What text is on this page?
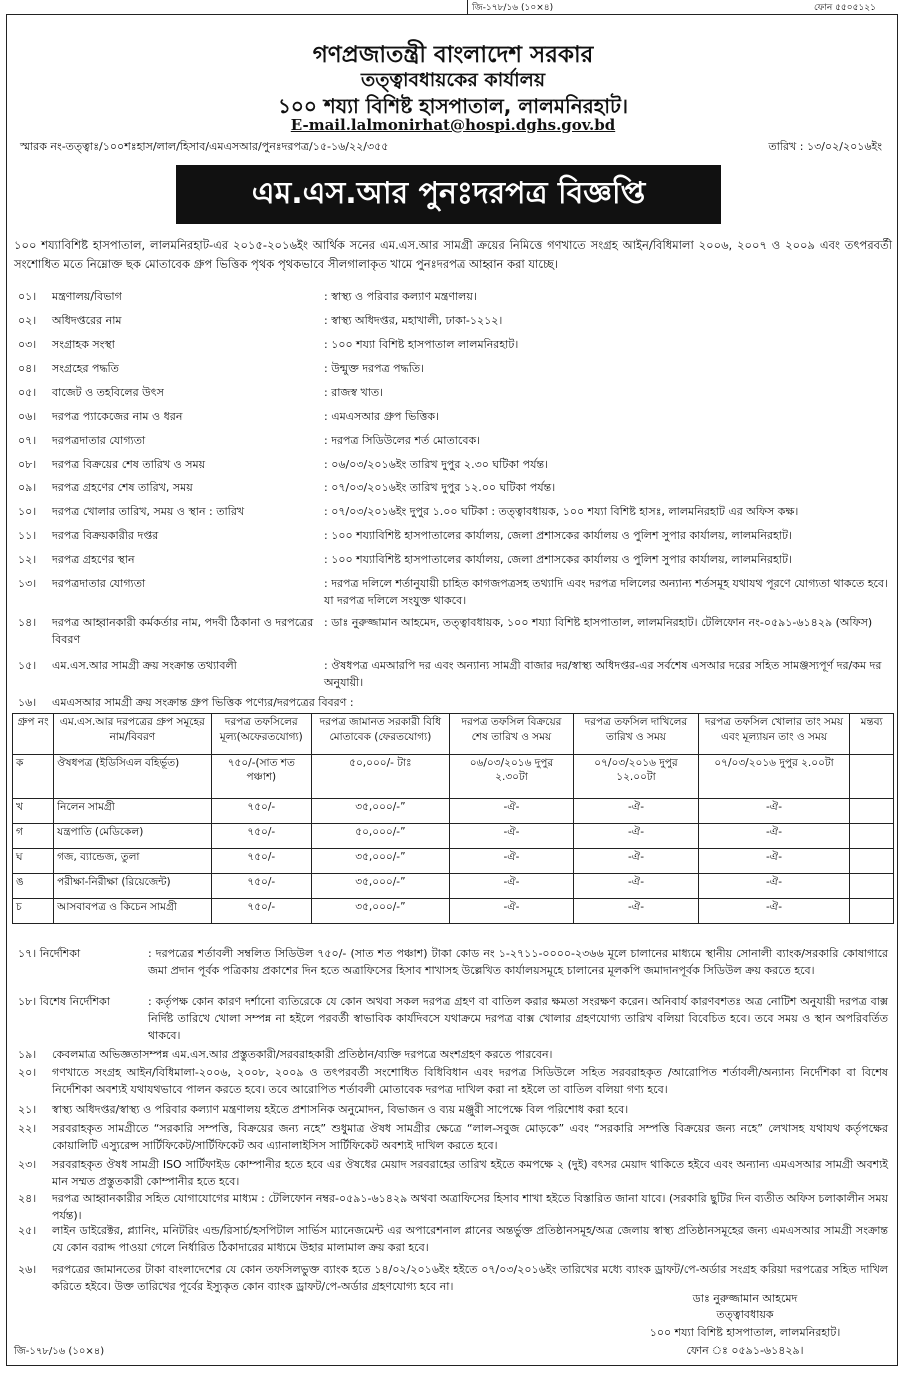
জি-১৭৮/১৬ (১০×৪)	ফোন ৫৫০৫১২১
গণপ্রজাতন্ত্রী বাংলাদেশ সরকার
তত্ত্বাবধায়কের কার্যালয়
১০০ শয্যা বিশিষ্ট হাসপাতাল, লালমনিরহাট।
E-mail.lalmonirhat@hospi.dghs.gov.bd
স্মারক নং-তত্ত্বাঃ/১০০শঃহাস/লাল/হিসাব/এমএসআর/পুনঃদরপত্র/১৫-১৬/২২/৩৫৫	তারিখ : ১৩/০২/২০১৬ইং
এম.এস.আর পুনঃদরপত্র বিজ্ঞপ্তি
১০০ শয্যাবিশিষ্ট হাসপাতাল, লালমনিরহাট-এর ২০১৫-২০১৬ইং আর্থিক সনের এম.এস.আর সামগ্রী ক্রয়ের নিমিত্তে গণখাতে সংগ্রহ আইন/বিধিমালা ২০০৬, ২০০৭ ও ২০০৯ এবং তৎপরবর্তী সংশোধিত মতে নিম্নোক্ত ছক মোতাবেক গ্রুপ ভিত্তিক পৃথক পৃথকভাবে সীলগালাকৃত খামে পুনঃদরপত্র আহ্বান করা যাচ্ছে।
০১।	মন্ত্রণালয়/বিভাগ	: স্বাস্থ্য ও পরিবার কল্যাণ মন্ত্রণালয়।
০২।	অধিদপ্তরের নাম	: স্বাস্থ্য অধিদপ্তর, মহাখালী, ঢাকা-১২১২।
০৩।	সংগ্রাহক সংস্থা	: ১০০ শয্যা বিশিষ্ট হাসপাতাল লালমনিরহাট।
০৪।	সংগ্রহের পদ্ধতি	: উন্মুক্ত দরপত্র পদ্ধতি।
০৫।	বাজেট ও তহবিলের উৎস	: রাজস্ব খাত।
০৬।	দরপত্র প্যাকেজের নাম ও ধরন	: এমএসআর গ্রুপ ভিত্তিক।
০৭।	দরপত্রদাতার যোগ্যতা	: দরপত্র সিডিউলের শর্ত মোতাবেক।
০৮।	দরপত্র বিক্রয়ের শেষ তারিখ ও সময়	: ০৬/০৩/২০১৬ইং তারিখ দুপুর ২.৩০ ঘটিকা পর্যন্ত।
০৯।	দরপত্র গ্রহণের শেষ তারিখ, সময়	: ০৭/০৩/২০১৬ইং তারিখ দুপুর ১২.০০ ঘটিকা পর্যন্ত।
১০।	দরপত্র খোলার তারিখ, সময় ও স্থান : তারিখ	: ০৭/০৩/২০১৬ইং দুপুর ১.০০ ঘটিকা : তত্ত্বাবধায়ক, ১০০ শয্যা বিশিষ্ট হাসঃ, লালমনিরহাট এর অফিস কক্ষ।
১১।	দরপত্র বিক্রয়কারীর দপ্তর	: ১০০ শয্যাবিশিষ্ট হাসপাতালের কার্যালয়, জেলা প্রশাসকের কার্যালয় ও পুলিশ সুপার কার্যালয়, লালমনিরহাট।
১২।	দরপত্র গ্রহণের স্থান	: ১০০ শয্যাবিশিষ্ট হাসপাতালের কার্যালয়, জেলা প্রশাসকের কার্যালয় ও পুলিশ সুপার কার্যালয়, লালমনিরহাট।
১৩।	দরপত্রদাতার যোগ্যতা	: দরপত্র দলিলে শর্তানুযায়ী চাহিত কাগজপত্রসহ তথ্যাদি এবং দরপত্র দলিলের অন্যান্য শর্তসমূহ যথাযথ পূরণে যোগ্যতা থাকতে হবে। যা দরপত্র দলিলে সংযুক্ত থাকবে।
১৪।	দরপত্র আহ্বানকারী কর্মকর্তার নাম, পদবী ঠিকানা ও দরপত্রের বিবরণ
: ডাঃ নুরুজ্জামান আহমেদ, তত্ত্বাবধায়ক, ১০০ শয্যা বিশিষ্ট হাসপাতাল, লালমনিরহাট। টেলিফোন নং-০৫৯১-৬১৪২৯ (অফিস)
১৫।	এম.এস.আর সামগ্রী ক্রয় সংক্রান্ত তথ্যাবলী	: ঔষধপত্র এমআরপি দর এবং অন্যান্য সামগ্রী বাজার দর/স্বাস্থ্য অধিদপ্তর-এর সর্বশেষ এসআর দরের সহিত সামঞ্জস্যপূর্ণ দর/কম দর অনুযায়ী।
১৬।	এমএসআর সামগ্রী ক্রয় সংক্রান্ত গ্রুপ ভিত্তিক পণ্যের/দরপত্রের বিবরণ :
গ্রুপ নং	এম.এস.আর দরপত্রের গ্রুপ সমূহের নাম/বিবরণ	দরপত্র তফসিলের মূল্য(অফেরতযোগ্য)	দরপত্র জামানত সরকারী বিধি মোতাবেক (ফেরতযোগ্য)	দরপত্র তফসিল বিক্রয়ের শেষ তারিখ ও সময়	দরপত্র তফসিল দাখিলের তারিখ ও সময়	দরপত্র তফসিল খোলার তাং সময় এবং মূল্যায়ন তাং ও সময়	মন্তব্য
ক	ঔষধপত্র (ইডিসিএল বহির্ভূত)	৭৫০/-(সাত শত পঞ্চাশ)	৫০,০০০/- টাঃ	০৬/০৩/২০১৬ দুপুর ২.৩০টা	০৭/০৩/২০১৬ দুপুর ১২.০০টা	০৭/০৩/২০১৬ দুপুর ২.০০টা	
খ	নিলেন সামগ্রী	৭৫০/-	৩৫,০০০/-”	-ঐ-	-ঐ-	-ঐ-	
গ	যন্ত্রপাতি (মেডিকেল)	৭৫০/-	৫০,০০০/-”	-ঐ-	-ঐ-	-ঐ-	
ঘ	গজ, ব্যান্ডেজ, তুলা	৭৫০/-	৩৫,০০০/-”	-ঐ-	-ঐ-	-ঐ-	
ঙ	পরীক্ষা-নিরীক্ষা (রিয়েজেন্ট)	৭৫০/-	৩৫,০০০/-”	-ঐ-	-ঐ-	-ঐ-	
চ	আসবাবপত্র ও কিচেন সামগ্রী	৭৫০/-	৩৫,০০০/-”	-ঐ-	-ঐ-	-ঐ-	
১৭। নির্দেশিকা	: দরপত্রের শর্তাবলী সম্বলিত সিডিউল ৭৫০/- (সাত শত পঞ্চাশ) টাকা কোড নং ১-২৭১১-০০০০-২৩৬৬ মূলে চালানের মাধ্যমে স্থানীয় সোনালী ব্যাংক/সরকারি কোষাগারে জমা প্রদান পূর্বক পত্রিকায় প্রকাশের দিন হতে অত্রাফিসের হিসাব শাখাসহ উল্লেখিত কার্যালয়সমূহে চালানের মূলকপি জমাদানপূর্বক সিডিউল ক্রয় করতে হবে।
১৮। বিশেষ নির্দেশিকা	: কর্তৃপক্ষ কোন কারণ দর্শানো ব্যতিরেকে যে কোন অথবা সকল দরপত্র গ্রহণ বা বাতিল করার ক্ষমতা সংরক্ষণ করেন। অনিবার্য কারণবশতঃ অত্র নোটিশ অনুযায়ী দরপত্র বাক্স নির্দিষ্ট তারিখে খোলা সম্পন্ন না হইলে পরবর্তী স্বাভাবিক কার্যদিবসে যথাক্রমে দরপত্র বাক্স খোলার গ্রহণযোগ্য তারিখ বলিয়া বিবেচিত হবে। তবে সময় ও স্থান অপরিবর্তিত থাকবে।
১৯।	কেবলমাত্র অভিজ্ঞতাসম্পন্ন এম.এস.আর প্রস্তুতকারী/সরবরাহকারী প্রতিষ্ঠান/ব্যক্তি দরপত্রে অংশগ্রহণ করতে পারবেন।
২০।	গণখাতে সংগ্রহ আইন/বিধিমালা-২০০৬, ২০০৮, ২০০৯ ও তৎপরবর্তী সংশোধিত বিধিবিধান এবং দরপত্র সিডিউলে সহিত সরবরাহকৃত /আরোপিত শর্তাবলী/অন্যান্য নির্দেশিকা বা বিশেষ নির্দেশিকা অবশ্যই যথাযথভাবে পালন করতে হবে। তবে আরোপিত শর্তাবলী মোতাবেক দরপত্র দাখিল করা না হইলে তা বাতিল বলিয়া গণ্য হবে।
২১।	স্বাস্থ্য অধিদপ্তর/স্বাস্থ্য ও পরিবার কল্যাণ মন্ত্রণালয় হইতে প্রশাসনিক অনুমোদন, বিভাজন ও ব্যয় মঞ্জুরী সাপেক্ষে বিল পরিশোধ করা হবে।
২২।	সরবরাহকৃত সামগ্রীতে “সরকারি সম্পত্তি, বিক্রয়ের জন্য নহে” শুধুমাত্র ঔষধ সামগ্রীর ক্ষেত্রে “লাল-সবুজ মোড়কে” এবং “সরকারি সম্পত্তি বিক্রয়ের জন্য নহে” লেখাসহ যথাযথ কর্তৃপক্ষের কোয়ালিটি এস্যুরেন্স সার্টিফিকেট/সার্টিফিকেট অব এ্যানালাইসিস সার্টিফিকেট অবশ্যই দাখিল করতে হবে।
২৩।	সরবরাহকৃত ঔষধ সামগ্রী ISO সার্টিফাইড কোম্পানীর হতে হবে এর ঔষধের মেয়াদ সরবরাহের তারিখ হইতে কমপক্ষে ২ (দুই) বৎসর মেয়াদ থাকিতে হইবে এবং অন্যান্য এমএসআর সামগ্রী অবশ্যই মান সম্মত প্রস্তুতকারী কোম্পানীর হতে হবে।
২৪।	দরপত্র আহ্বানকারীর সহিত যোগাযোগের মাধ্যম : টেলিফোন নম্বর-০৫৯১-৬১৪২৯ অথবা অত্রাফিসের হিসাব শাখা হইতে বিস্তারিত জানা যাবে। (সরকারি ছুটির দিন ব্যতীত অফিস চলাকালীন সময় পর্যন্ত)।
২৫।	লাইন ডাইরেক্টর, প্ল্যানিং, মনিটরিং এন্ড/রিসার্চ/হসপিটাল সার্ভিস ম্যানেজমেন্ট এর অপারেশনাল প্লানের অন্তর্ভুক্ত প্রতিষ্ঠানসমূহ/অত্র জেলায় স্বাস্থ্য প্রতিষ্ঠানসমূহের জন্য এমএসআর সামগ্রী সংক্রান্ত যে কোন বরাদ্দ পাওয়া গেলে নির্ধারিত ঠিকাদারের মাধ্যমে উহার মালামাল ক্রয় করা হবে।
২৬।	দরপত্রের জামানতের টাকা বাংলাদেশের যে কোন তফসিলভুক্ত ব্যাংক হতে ১৪/০২/২০১৬ইং হইতে ০৭/০৩/২০১৬ইং তারিখের মধ্যে ব্যাংক ড্রাফট/পে-অর্ডার সংগ্রহ করিয়া দরপত্রের সহিত দাখিল করিতে হইবে। উক্ত তারিখের পূর্বের ইস্যুকৃত কোন ব্যাংক ড্রাফট/পে-অর্ডার গ্রহণযোগ্য হবে না।
ডাঃ নুরুজ্জামান আহমেদ
তত্ত্বাবধায়ক
১০০ শয্যা বিশিষ্ট হাসপাতাল, লালমনিরহাট।
ফোন ঃ ০৫৯১-৬১৪২৯।
জি-১৭৮/১৬ (১০×৪)
